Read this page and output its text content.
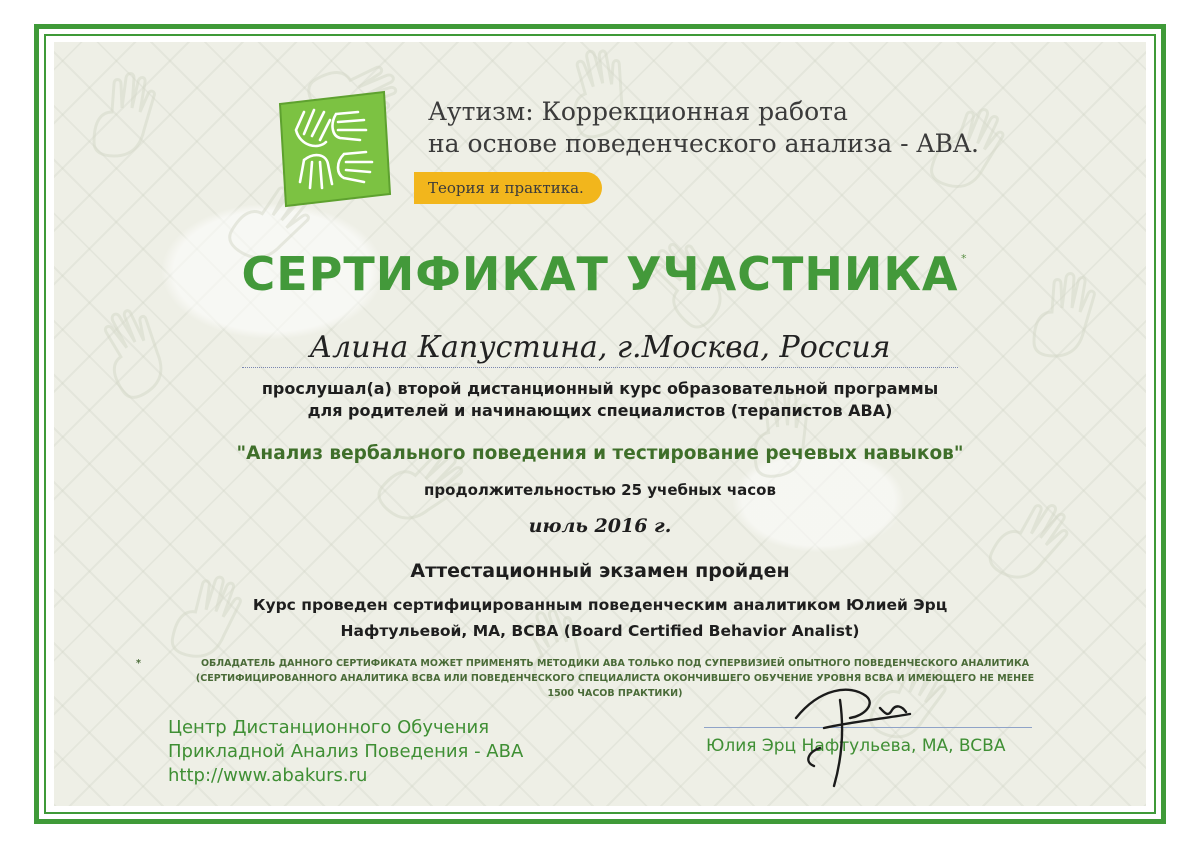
Аутизм: Коррекционная работа
на основе поведенческого анализа - ABA.
Теория и практика.
СЕРТИФИКАТ УЧАСТНИКА *
Алина Капустина, г.Москва, Россия
прослушал(а) второй дистанционный курс образовательной программы
для родителей и начинающих специалистов (терапистов АВА)
"Анализ вербального поведения и тестирование речевых навыков"
продолжительностью 25 учебных часов
июль 2016 г.
Аттестационный экзамен пройден
Курс проведен сертифицированным поведенческим аналитиком Юлией Эрц
Нафтульевой, МА, BCBA (Board Certified Behavior Analist)
*	ОБЛАДАТЕЛЬ ДАННОГО СЕРТИФИКАТА МОЖЕТ ПРИМЕНЯТЬ МЕТОДИКИ АВА ТОЛЬКО ПОД СУПЕРВИЗИЕЙ ОПЫТНОГО ПОВЕДЕНЧЕСКОГО АНАЛИТИКА
(СЕРТИФИЦИРОВАННОГО АНАЛИТИКА BCBA ИЛИ ПОВЕДЕНЧЕСКОГО СПЕЦИАЛИСТА ОКОНЧИВШЕГО ОБУЧЕНИЕ УРОВНЯ BCBA И ИМЕЮЩЕГО НЕ МЕНЕЕ
1500 ЧАСОВ ПРАКТИКИ)
Центр Дистанционного Обучения
Прикладной Анализ Поведения - АВА
http://www.abakurs.ru
Юлия Эрц Нафтульева, МА, BCBA
